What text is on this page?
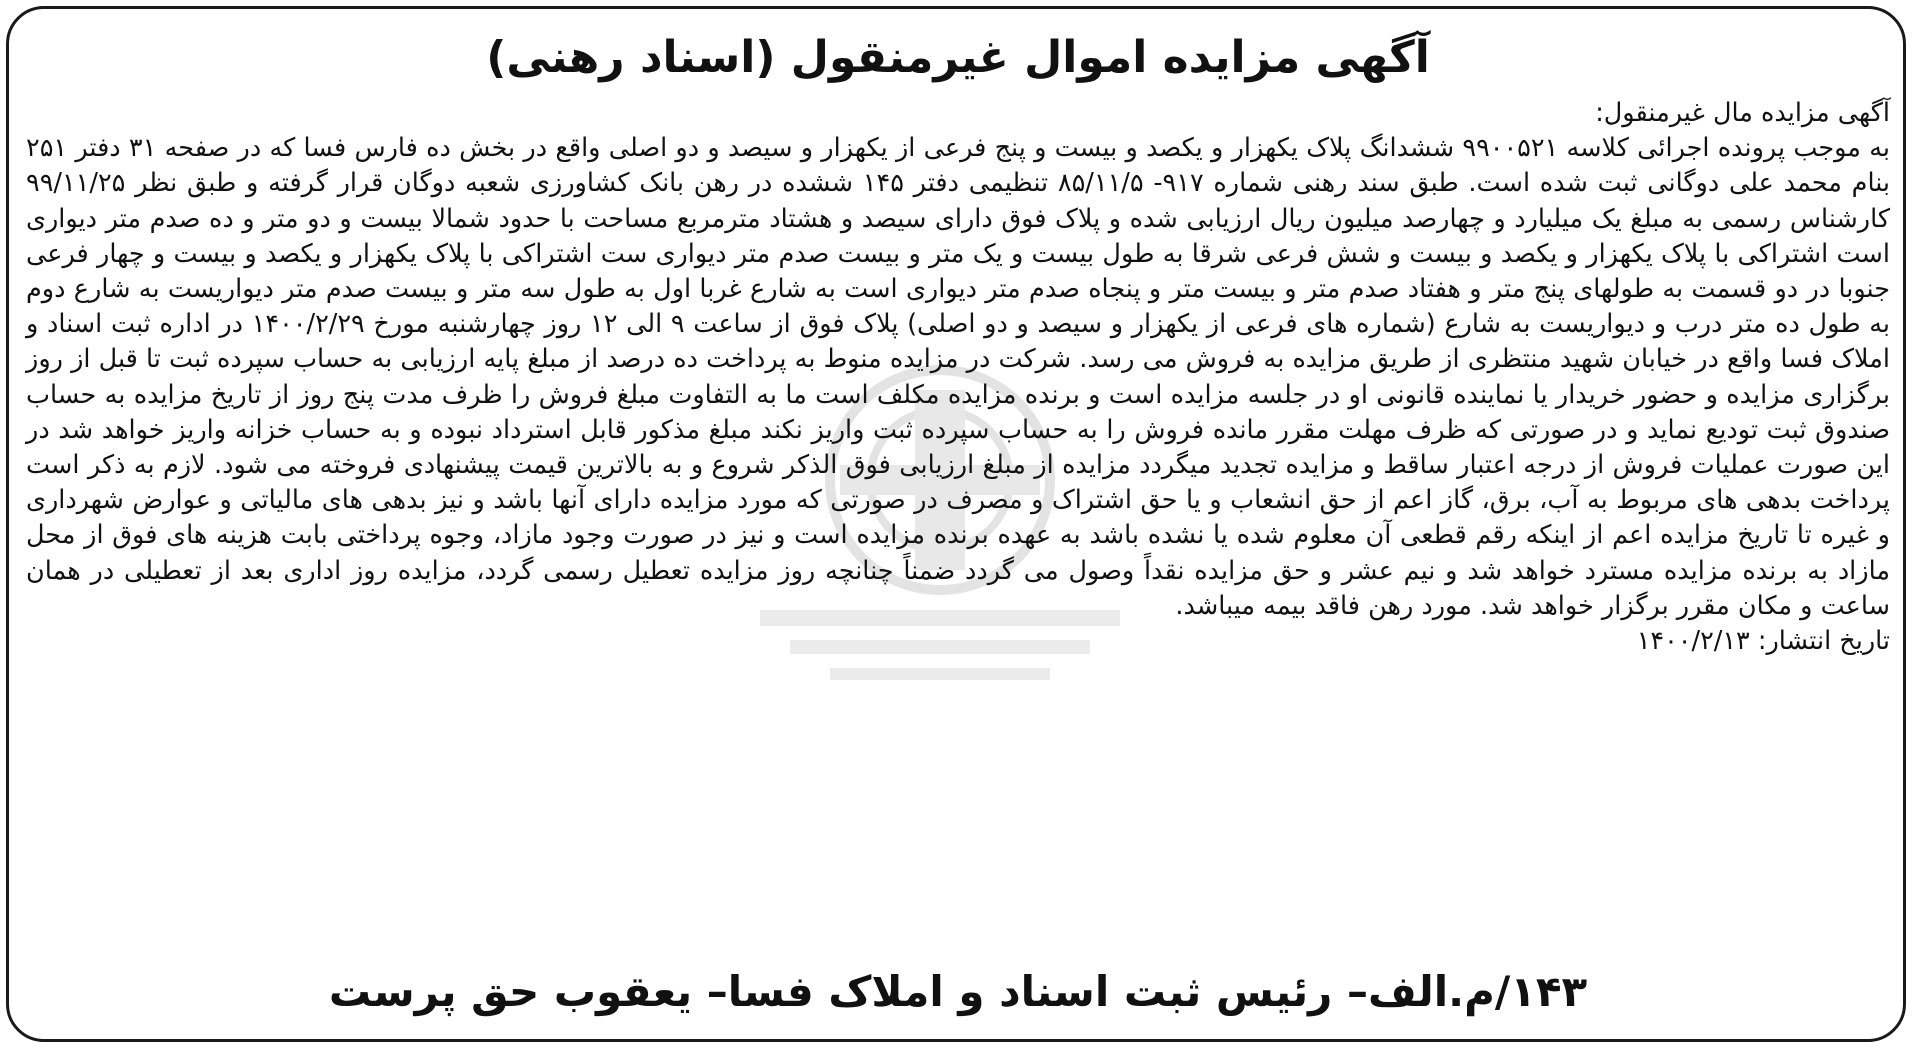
آگهی مزایده اموال غیرمنقول (اسناد رهنی)

آگهی مزایده مال غیرمنقول:

به موجب پرونده اجرائی کلاسه ۹۹۰۰۵۲۱ ششدانگ پلاک یکهزار و یکصد و بیست و پنج فرعی از یکهزار و سیصد و دو اصلی واقع در بخش ده فارس فسا که در صفحه ۳۱ دفتر ۲۵۱ بنام محمد علی دوگانی ثبت شده است. طبق سند رهنی شماره ۹۱۷- ۸۵/۱۱/۵ تنظیمی دفتر ۱۴۵ ششده در رهن بانک کشاورزی شعبه دوگان قرار گرفته و طبق نظر ۹۹/۱۱/۲۵ کارشناس رسمی به مبلغ یک میلیارد و چهارصد میلیون ریال ارزیابی شده و پلاک فوق دارای سیصد و هشتاد مترمربع مساحت با حدود شمالا بیست و دو متر و ده صدم متر دیواری است اشتراکی با پلاک یکهزار و یکصد و بیست و شش فرعی شرقا به طول بیست و یک متر و بیست صدم متر دیواری ست اشتراکی با پلاک یکهزار و یکصد و بیست و چهار فرعی جنوبا در دو قسمت به طولهای پنج متر و هفتاد صدم متر و بیست متر و پنجاه صدم متر دیواری است به شارع غربا اول به طول سه متر و بیست صدم متر دیواریست به شارع دوم به طول ده متر درب و دیواریست به شارع (شماره های فرعی از یکهزار و سیصد و دو اصلی) پلاک فوق از ساعت ۹ الی ۱۲ روز چهارشنبه مورخ ۱۴۰۰/۲/۲۹ در اداره ثبت اسناد و املاک فسا واقع در خیابان شهید منتظری از طریق مزایده به فروش می رسد. شرکت در مزایده منوط به پرداخت ده درصد از مبلغ پایه ارزیابی به حساب سپرده ثبت تا قبل از روز برگزاری مزایده و حضور خریدار یا نماینده قانونی او در جلسه مزایده است و برنده مزایده مکلف است ما به التفاوت مبلغ فروش را ظرف مدت پنج روز از تاریخ مزایده به حساب صندوق ثبت تودیع نماید و در صورتی که ظرف مهلت مقرر مانده فروش را به حساب سپرده ثبت واریز نکند مبلغ مذکور قابل استرداد نبوده و به حساب خزانه واریز خواهد شد در این صورت عملیات فروش از درجه اعتبار ساقط و مزایده تجدید میگردد مزایده از مبلغ ارزیابی فوق الذکر شروع و به بالاترین قیمت پیشنهادی فروخته می شود. لازم به ذکر است پرداخت بدهی های مربوط به آب، برق، گاز اعم از حق انشعاب و یا حق اشتراک و مصرف در صورتی که مورد مزایده دارای آنها باشد و نیز بدهی های مالیاتی و عوارض شهرداری و غیره تا تاریخ مزایده اعم از اینکه رقم قطعی آن معلوم شده یا نشده باشد به عهده برنده مزایده است و نیز در صورت وجود مازاد، وجوه پرداختی بابت هزینه های فوق از محل مازاد به برنده مزایده مسترد خواهد شد و نیم عشر و حق مزایده نقداً وصول می گردد ضمناً چنانچه روز مزایده تعطیل رسمی گردد، مزایده روز اداری بعد از تعطیلی در همان ساعت و مکان مقرر برگزار خواهد شد. مورد رهن فاقد بیمه میباشد.

تاریخ انتشار: ۱۴۰۰/۲/۱۳

۱۴۳/م.الف– رئیس ثبت اسناد و املاک فسا– یعقوب حق پرست
